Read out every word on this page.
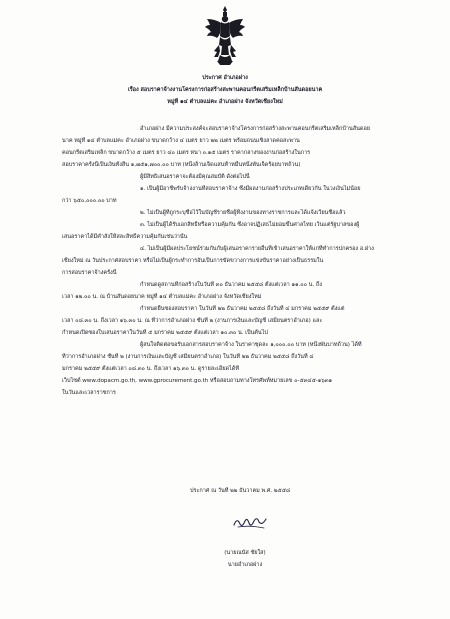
ประกาศ อำเภอฝาง
เรื่อง สอบราคาจ้างงานโครงการก่อสร้างสะพานคอนกรีตเสริมเหล็กบ้านสันดอยนาค
หมู่ที่ ๑๔ ตำบลแม่คะ อำเภอฝาง จังหวัดเชียงใหม่
อำเภอฝาง มีความประสงค์จะสอบราคาจ้างโครงการก่อสร้างสะพานคอนกรีตเสริมเหล็กบ้านสันดอย
นาค หมู่ที่ ๑๔ ตำบลแม่คะ อำเภอฝาง ขนาดกว้าง ๔ เมตร ยาว ๒๒ เมตร พร้อมถนนเชิงลาดคอสะพาน
คอนกรีตเสริมเหล็ก ขนาดกว้าง ๕ เมตร ยาว ๔๐ เมตร หนา ๐.๑๕ เมตร ราคากลางของงานก่อสร้างในการ
สอบราคาครั้งนี้เป็นเงินทั้งสิ้น ๑,๗๕๑,๗๐๐.๐๐ บาท (หนึ่งล้านเจ็ดแสนห้าหมื่นหนึ่งพันเจ็ดร้อยบาทถ้วน)
ผู้มีสิทธิเสนอราคาจะต้องมีคุณสมบัติ ดังต่อไปนี้
๑. เป็นผู้มีอาชีพรับจ้างงานที่สอบราคาจ้าง ซึ่งมีผลงานก่อสร้างประเภทเดียวกัน ในวงเงินไม่น้อย
กว่า ๖๕๐,๐๐๐.๐๐ บาท
๒. ไม่เป็นผู้ที่ถูกระบุชื่อไว้ในบัญชีรายชื่อผู้ทิ้งงานของทางราชการและได้แจ้งเวียนชื่อแล้ว
๓. ไม่เป็นผู้ได้รับเอกสิทธิ์หรือความคุ้มกัน ซึ่งอาจปฏิเสธไม่ยอมขึ้นศาลไทย เว้นแต่รัฐบาลของผู้
เสนอราคาได้มีคำสั่งให้สละสิทธิ์ความคุ้มกันเช่นว่านั้น
๔. ไม่เป็นผู้มีผลประโยชน์ร่วมกันกับผู้เสนอราคารายอื่นที่เข้าเสนอราคาให้แก่ที่ทำการปกครอง อ.ฝาง
เชียงใหม่ ณ วันประกาศสอบราคา หรือไม่เป็นผู้กระทำการอันเป็นการขัดขวางการแข่งขันราคาอย่างเป็นธรรมใน
การสอบราคาจ้างครั้งนี้
กำหนดดูสถานที่ก่อสร้างในวันที่ ๓๐ ธันวาคม ๒๕๕๘ ตั้งแต่เวลา ๑๑.๐๐ น. ถึง
เวลา ๑๒.๐๐ น. ณ บ้านสันดอยนาค หมู่ที่ ๑๔ ตำบลแม่คะ อำเภอฝาง จังหวัดเชียงใหม่
กำหนดยื่นซองสอบราคา ในวันที่ ๒๒ ธันวาคม ๒๕๕๘ ถึงวันที่ ๔ มกราคม ๒๕๕๙ ตั้งแต่
เวลา ๐๘.๓๐ น. ถึงเวลา ๑๖.๓๐ น. ณ ที่ว่าการอำเภอฝาง ชั้นที่ ๒ (งานการเงินและบัญชี เสมียนตราอำเภอ) และ
กำหนดเปิดซองใบเสนอราคาในวันที่ ๕ มกราคม ๒๕๕๙ ตั้งแต่เวลา ๑๐.๓๐ น. เป็นต้นไป
ผู้สนใจติดต่อขอรับเอกสารสอบราคาจ้าง ในราคาชุดละ ๑,๐๐๐.๐๐ บาท (หนึ่งพันบาทถ้วน) ได้ที่
ที่ว่าการอำเภอฝาง ชั้นที่ ๒ (งานการเงินและบัญชี เสมียนตราอำเภอ) ในวันที่ ๒๒ ธันวาคม ๒๕๕๘ ถึงวันที่ ๔
มกราคม ๒๕๕๙ ตั้งแต่เวลา ๐๘.๓๐ น. ถึงเวลา ๑๖.๓๐ น. ดูรายละเอียดได้ที่
เว็บไซต์ www.dopacm.go.th, www.gprocurement.go.th หรือสอบถามทางโทรศัพท์หมายเลข ๐-๕๓๔๕-๑๖๓๑
ในวันและเวลาราชการ
ประกาศ ณ วันที่ ๒๒ ธันวาคม พ.ศ. ๒๕๕๘
(นายณนัส ชัยใส)
นายอำเภอฝาง
